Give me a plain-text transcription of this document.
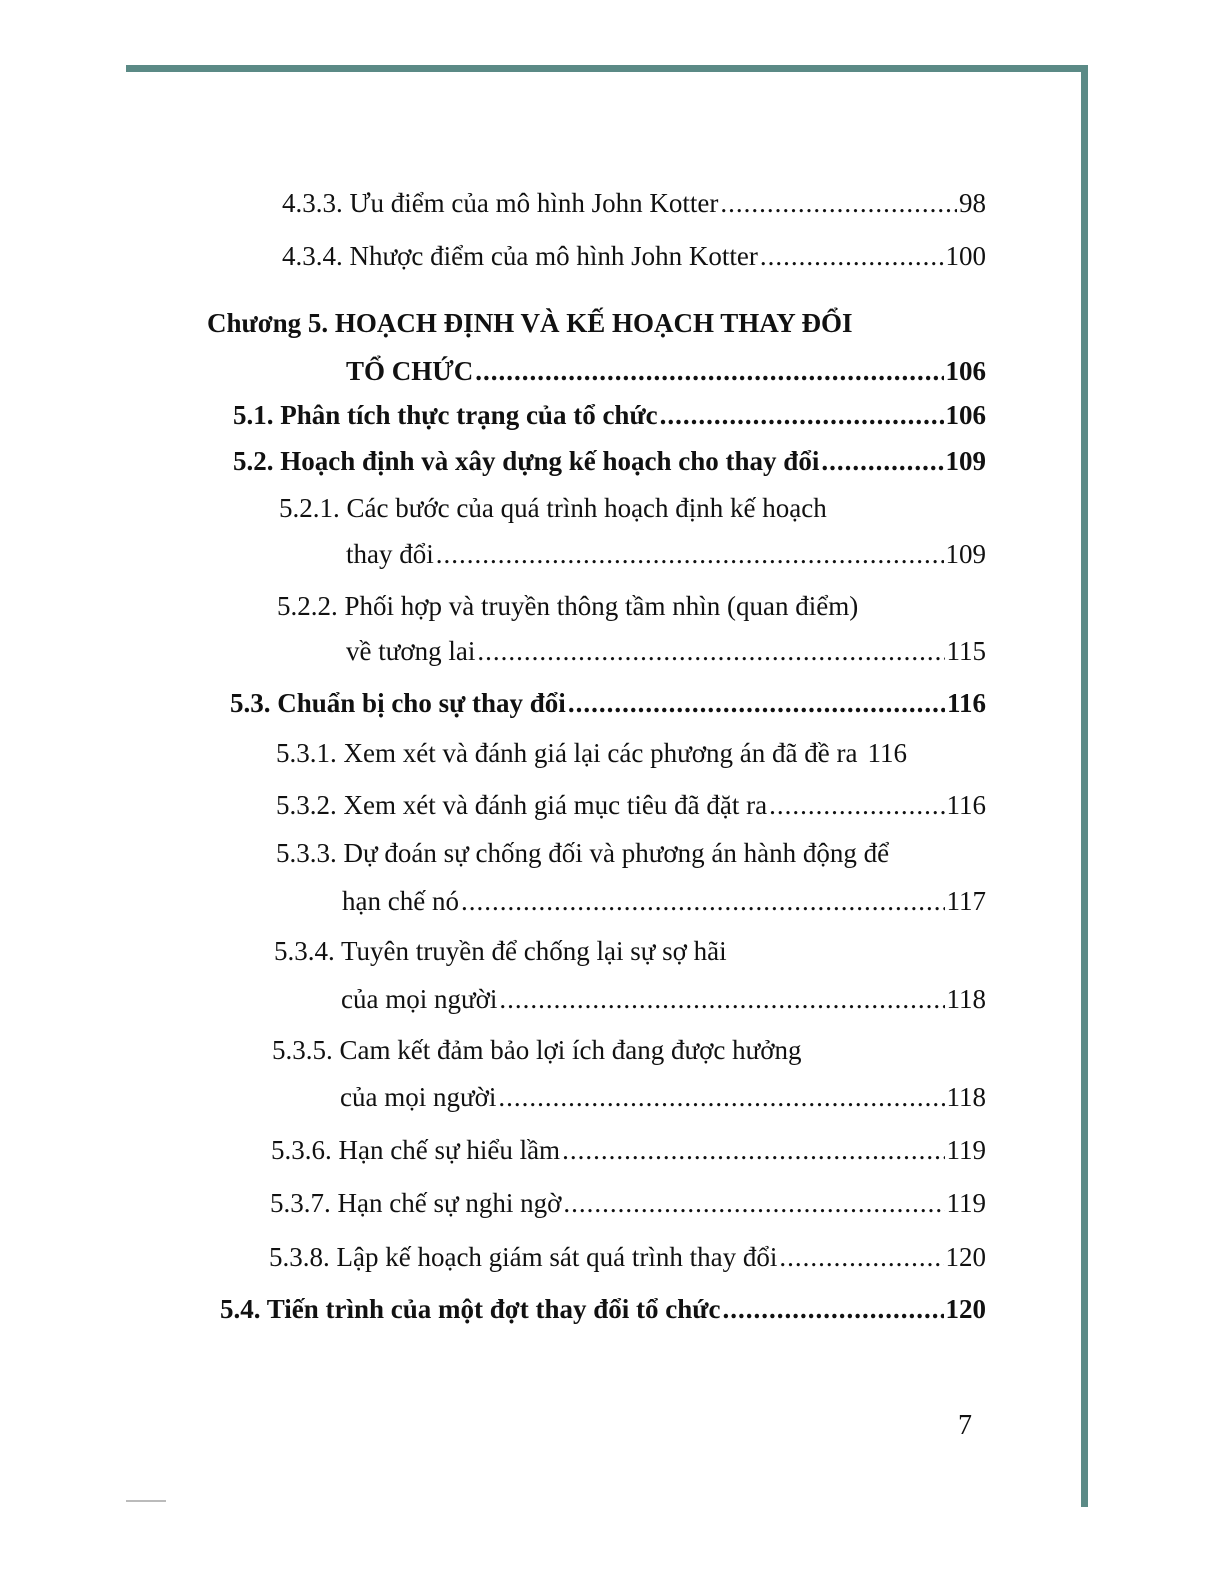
4.3.3. Ưu điểm của mô hình John Kotter .....	98
4.3.4. Nhược điểm của mô hình John Kotter .....	100
Chương 5. HOẠCH ĐỊNH VÀ KẾ HOẠCH THAY ĐỔI
TỔ CHỨC .....	106
5.1. Phân tích thực trạng của tổ chức .....	106
5.2. Hoạch định và xây dựng kế hoạch cho thay đổi .....	109
5.2.1. Các bước của quá trình hoạch định kế hoạch
thay đổi .....	109
5.2.2. Phối hợp và truyền thông tầm nhìn (quan điểm)
về tương lai .....	115
5.3. Chuẩn bị cho sự thay đổi .....	116
5.3.1. Xem xét và đánh giá lại các phương án đã đề ra 116
5.3.2. Xem xét và đánh giá mục tiêu đã đặt ra .....	116
5.3.3. Dự đoán sự chống đối và phương án hành động để
hạn chế nó .....	117
5.3.4. Tuyên truyền để chống lại sự sợ hãi
của mọi người .....	118
5.3.5. Cam kết đảm bảo lợi ích đang được hưởng
của mọi người .....	118
5.3.6. Hạn chế sự hiểu lầm .....	119
5.3.7. Hạn chế sự nghi ngờ .....	119
5.3.8. Lập kế hoạch giám sát quá trình thay đổi .....	120
5.4. Tiến trình của một đợt thay đổi tổ chức .....	120
7
